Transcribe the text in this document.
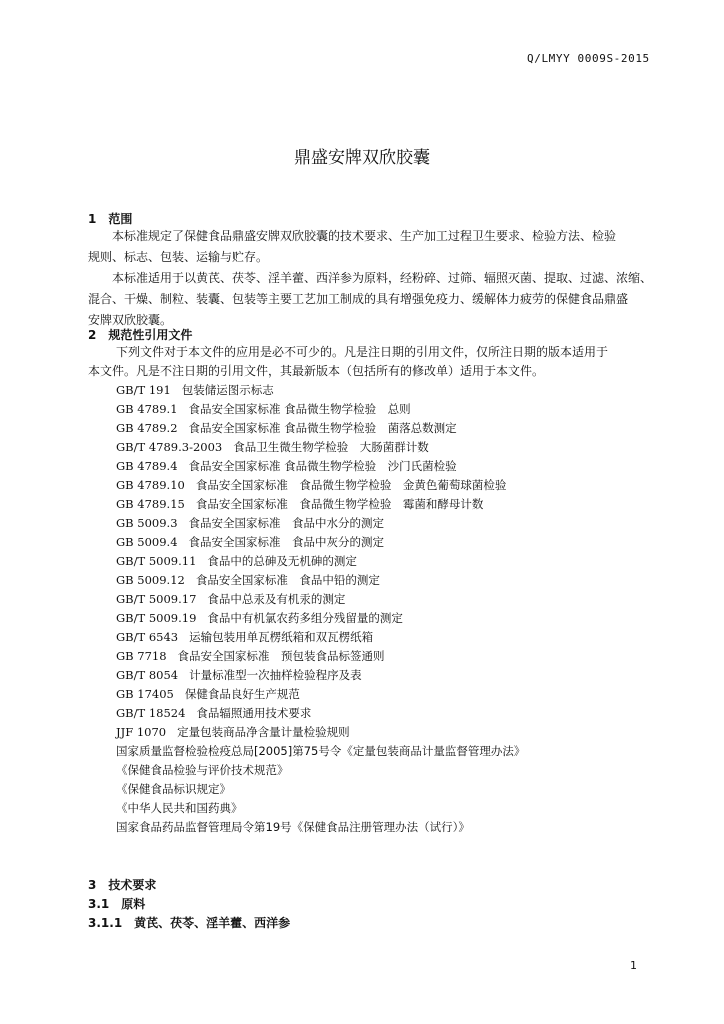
Q/LMYY 0009S-2015
鼎盛安牌双欣胶囊
1　范围
本标准规定了保健食品鼎盛安牌双欣胶囊的技术要求、生产加工过程卫生要求、检验方法、检验
规则、标志、包装、运输与贮存。
本标准适用于以黄芪、茯苓、淫羊藿、西洋参为原料，经粉碎、过筛、辐照灭菌、提取、过滤、浓缩、
混合、干燥、制粒、装囊、包装等主要工艺加工制成的具有增强免疫力、缓解体力疲劳的保健食品鼎盛
安牌双欣胶囊。
2　规范性引用文件
下列文件对于本文件的应用是必不可少的。凡是注日期的引用文件，仅所注日期的版本适用于
本文件。凡是不注日期的引用文件，其最新版本（包括所有的修改单）适用于本文件。
GB/T 191 包装储运图示标志
GB 4789.1 食品安全国家标准 食品微生物学检验　总则
GB 4789.2 食品安全国家标准 食品微生物学检验　菌落总数测定
GB/T 4789.3-2003 食品卫生微生物学检验　大肠菌群计数
GB 4789.4 食品安全国家标准 食品微生物学检验　沙门氏菌检验
GB 4789.10 食品安全国家标准　食品微生物学检验　金黄色葡萄球菌检验
GB 4789.15 食品安全国家标准　食品微生物学检验　霉菌和酵母计数
GB 5009.3 食品安全国家标准　食品中水分的测定
GB 5009.4 食品安全国家标准　食品中灰分的测定
GB/T 5009.11 食品中的总砷及无机砷的测定
GB 5009.12 食品安全国家标准　食品中铅的测定
GB/T 5009.17 食品中总汞及有机汞的测定
GB/T 5009.19 食品中有机氯农药多组分残留量的测定
GB/T 6543 运输包装用单瓦楞纸箱和双瓦楞纸箱
GB 7718 食品安全国家标准　预包装食品标签通则
GB/T 8054 计量标准型一次抽样检验程序及表
GB 17405 保健食品良好生产规范
GB/T 18524 食品辐照通用技术要求
JJF 1070 定量包装商品净含量计量检验规则
国家质量监督检验检疫总局[2005]第75号令《定量包装商品计量监督管理办法》
《保健食品检验与评价技术规范》
《保健食品标识规定》
《中华人民共和国药典》
国家食品药品监督管理局令第19号《保健食品注册管理办法（试行）》
3　技术要求
3.1　原料
3.1.1　黄芪、茯苓、淫羊藿、西洋参
1
